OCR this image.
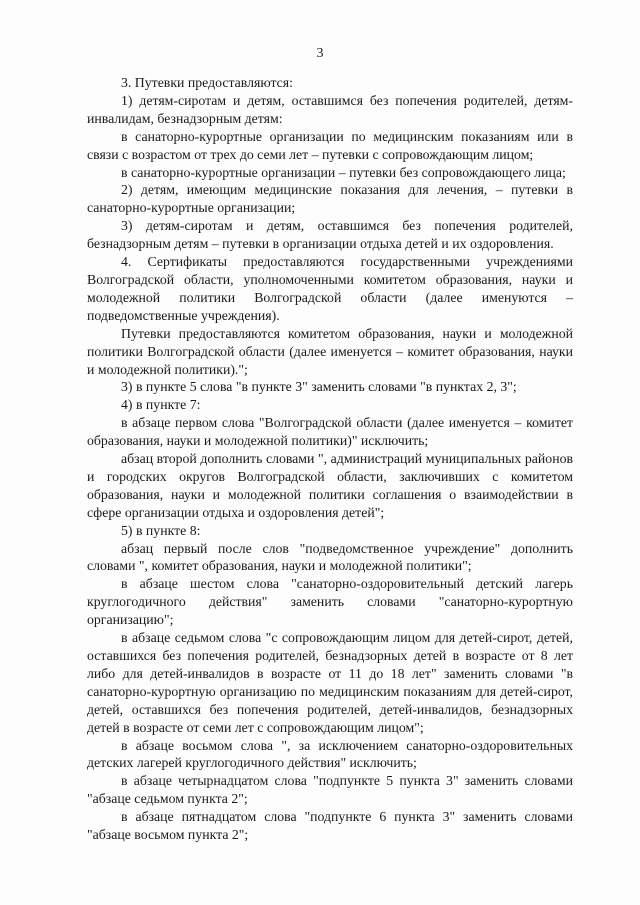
3

3. Путевки предоставляются:

1) детям-сиротам и детям, оставшимся без попечения родителей, детям-инвалидам, безнадзорным детям:

в санаторно-курортные организации по медицинским показаниям или в связи с возрастом от трех до семи лет – путевки с сопровождающим лицом;

в санаторно-курортные организации – путевки без сопровождающего лица;

2) детям, имеющим медицинские показания для лечения, – путевки в санаторно-курортные организации;

3) детям-сиротам и детям, оставшимся без попечения родителей, безнадзорным детям – путевки в организации отдыха детей и их оздоровления.

4. Сертификаты предоставляются государственными учреждениями Волгоградской области, уполномоченными комитетом образования, науки и молодежной политики Волгоградской области (далее именуются – подведомственные учреждения).

Путевки предоставляются комитетом образования, науки и молодежной политики Волгоградской области (далее именуется – комитет образования, науки и молодежной политики).";

3) в пункте 5 слова "в пункте 3" заменить словами "в пунктах 2, 3";

4) в пункте 7:

в абзаце первом слова "Волгоградской области (далее именуется – комитет образования, науки и молодежной политики)" исключить;

абзац второй дополнить словами ", администраций муниципальных районов и городских округов Волгоградской области, заключивших с комитетом образования, науки и молодежной политики соглашения о взаимодействии в сфере организации отдыха и оздоровления детей";

5) в пункте 8:

абзац первый после слов "подведомственное учреждение" дополнить словами ", комитет образования, науки и молодежной политики";

в абзаце шестом слова "санаторно-оздоровительный детский лагерь круглогодичного действия" заменить словами "санаторно-курортную организацию";

в абзаце седьмом слова "с сопровождающим лицом для детей-сирот, детей, оставшихся без попечения родителей, безнадзорных детей в возрасте от 8 лет либо для детей-инвалидов в возрасте от 11 до 18 лет" заменить словами "в санаторно-курортную организацию по медицинским показаниям для детей-сирот, детей, оставшихся без попечения родителей, детей-инвалидов, безнадзорных детей в возрасте от семи лет с сопровождающим лицом";

в абзаце восьмом слова ", за исключением санаторно-оздоровительных детских лагерей круглогодичного действия" исключить;

в абзаце четырнадцатом слова "подпункте 5 пункта 3" заменить словами "абзаце седьмом пункта 2";

в абзаце пятнадцатом слова "подпункте 6 пункта 3" заменить словами "абзаце восьмом пункта 2";
